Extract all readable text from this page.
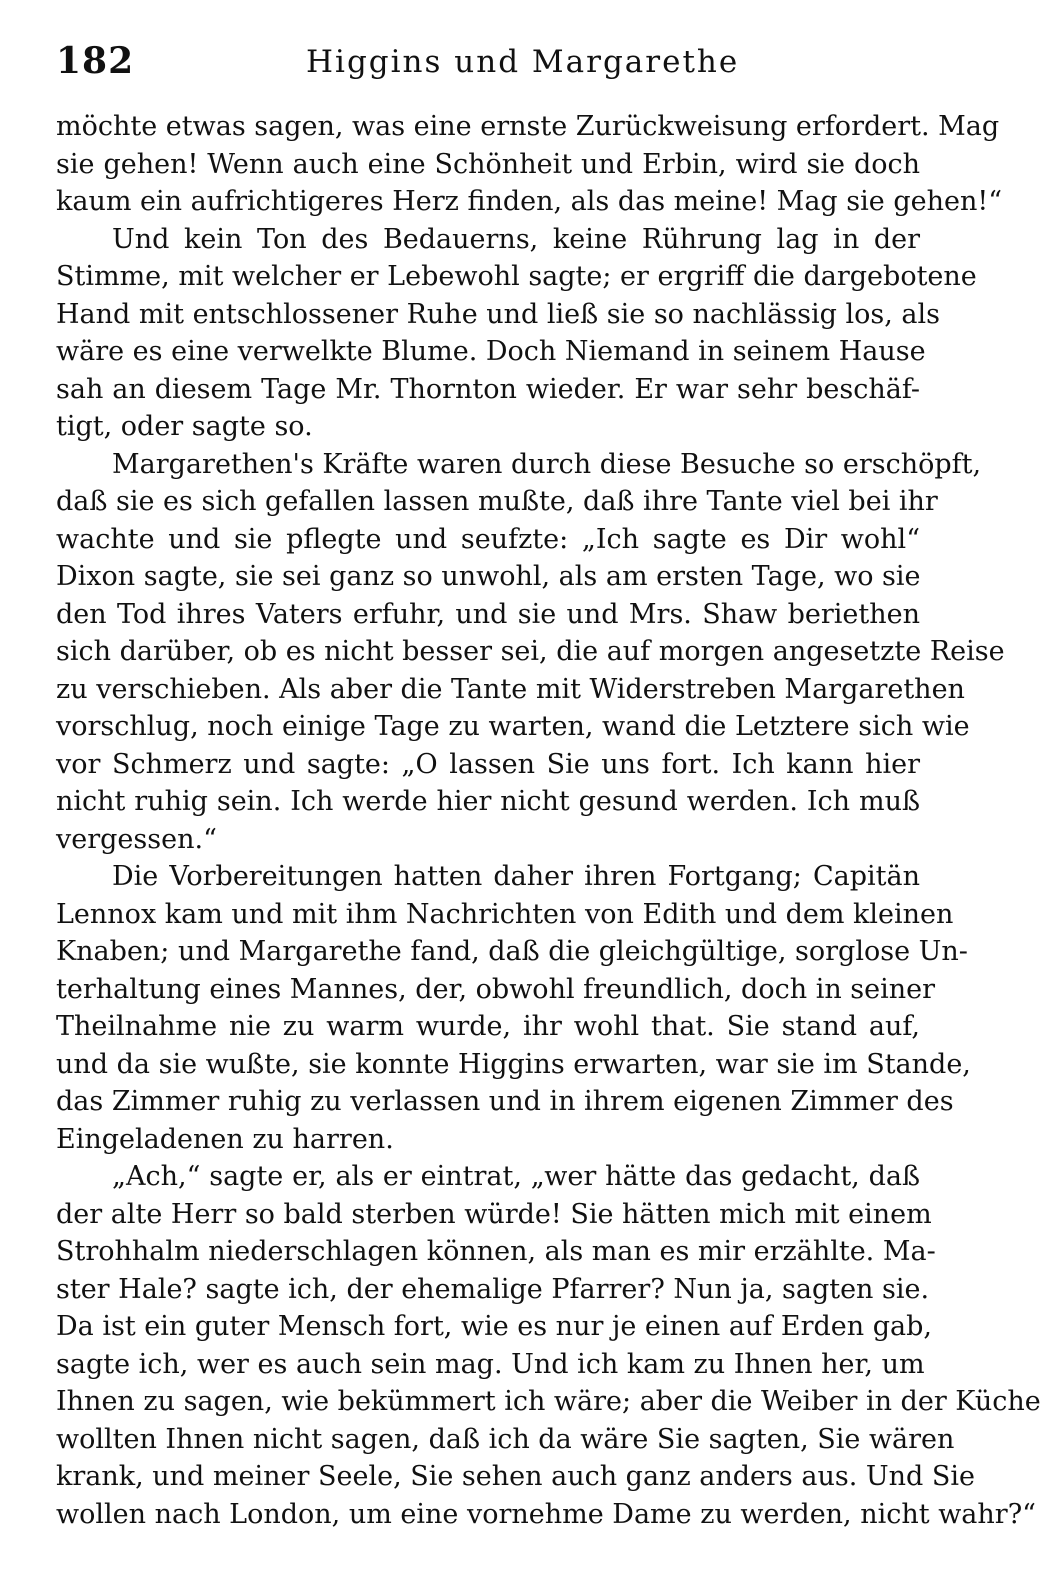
182	Higgins und Margarethe
möchte etwas sagen, was eine ernste Zurückweisung erfordert. Mag
sie gehen! Wenn auch eine Schönheit und Erbin, wird sie doch
kaum ein aufrichtigeres Herz finden, als das meine! Mag sie gehen!“
Und kein Ton des Bedauerns, keine Rührung lag in der
Stimme, mit welcher er Lebewohl sagte; er ergriff die dargebotene
Hand mit entschlossener Ruhe und ließ sie so nachlässig los, als
wäre es eine verwelkte Blume. Doch Niemand in seinem Hause
sah an diesem Tage Mr. Thornton wieder. Er war sehr beschäf-
tigt, oder sagte so.
Margarethen's Kräfte waren durch diese Besuche so erschöpft,
daß sie es sich gefallen lassen mußte, daß ihre Tante viel bei ihr
wachte und sie pflegte und seufzte: „Ich sagte es Dir wohl“
Dixon sagte, sie sei ganz so unwohl, als am ersten Tage, wo sie
den Tod ihres Vaters erfuhr, und sie und Mrs. Shaw beriethen
sich darüber, ob es nicht besser sei, die auf morgen angesetzte Reise
zu verschieben. Als aber die Tante mit Widerstreben Margarethen
vorschlug, noch einige Tage zu warten, wand die Letztere sich wie
vor Schmerz und sagte: „O lassen Sie uns fort. Ich kann hier
nicht ruhig sein. Ich werde hier nicht gesund werden. Ich muß
vergessen.“
Die Vorbereitungen hatten daher ihren Fortgang; Capitän
Lennox kam und mit ihm Nachrichten von Edith und dem kleinen
Knaben; und Margarethe fand, daß die gleichgültige, sorglose Un-
terhaltung eines Mannes, der, obwohl freundlich, doch in seiner
Theilnahme nie zu warm wurde, ihr wohl that. Sie stand auf,
und da sie wußte, sie konnte Higgins erwarten, war sie im Stande,
das Zimmer ruhig zu verlassen und in ihrem eigenen Zimmer des
Eingeladenen zu harren.
„Ach,“ sagte er, als er eintrat, „wer hätte das gedacht, daß
der alte Herr so bald sterben würde! Sie hätten mich mit einem
Strohhalm niederschlagen können, als man es mir erzählte. Ma-
ster Hale? sagte ich, der ehemalige Pfarrer? Nun ja, sagten sie.
Da ist ein guter Mensch fort, wie es nur je einen auf Erden gab,
sagte ich, wer es auch sein mag. Und ich kam zu Ihnen her, um
Ihnen zu sagen, wie bekümmert ich wäre; aber die Weiber in der Küche
wollten Ihnen nicht sagen, daß ich da wäre Sie sagten, Sie wären
krank, und meiner Seele, Sie sehen auch ganz anders aus. Und Sie
wollen nach London, um eine vornehme Dame zu werden, nicht wahr?“
